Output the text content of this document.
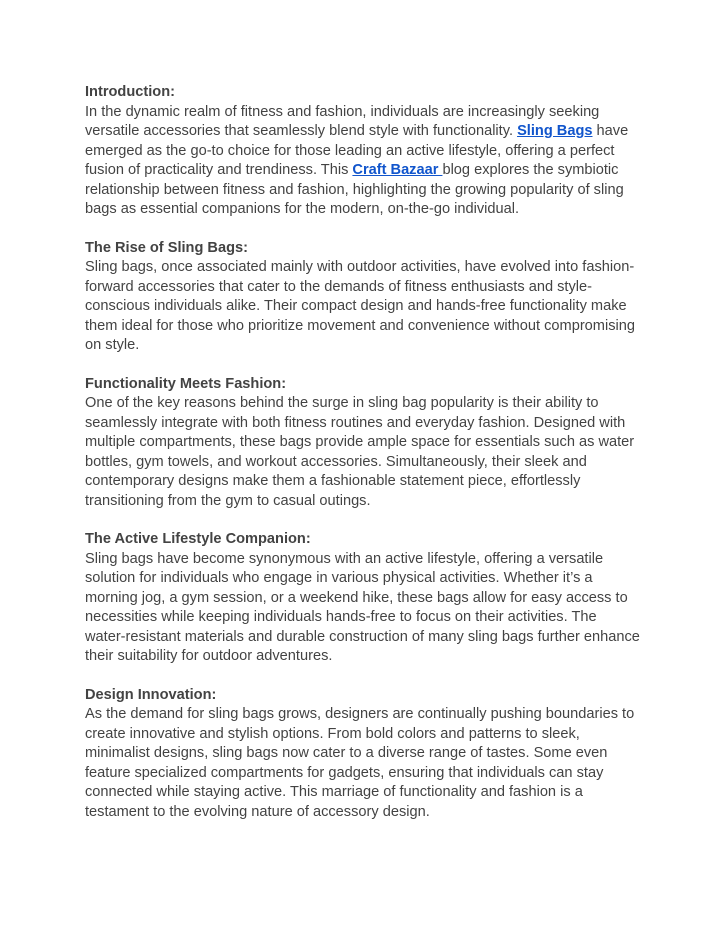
Introduction:

In the dynamic realm of fitness and fashion, individuals are increasingly seeking versatile accessories that seamlessly blend style with functionality. Sling Bags have emerged as the go-to choice for those leading an active lifestyle, offering a perfect fusion of practicality and trendiness. This Craft Bazaar blog explores the symbiotic relationship between fitness and fashion, highlighting the growing popularity of sling bags as essential companions for the modern, on-the-go individual.

The Rise of Sling Bags:

Sling bags, once associated mainly with outdoor activities, have evolved into fashion-forward accessories that cater to the demands of fitness enthusiasts and style-conscious individuals alike. Their compact design and hands-free functionality make them ideal for those who prioritize movement and convenience without compromising on style.

Functionality Meets Fashion:

One of the key reasons behind the surge in sling bag popularity is their ability to seamlessly integrate with both fitness routines and everyday fashion. Designed with multiple compartments, these bags provide ample space for essentials such as water bottles, gym towels, and workout accessories. Simultaneously, their sleek and contemporary designs make them a fashionable statement piece, effortlessly transitioning from the gym to casual outings.

The Active Lifestyle Companion:

Sling bags have become synonymous with an active lifestyle, offering a versatile solution for individuals who engage in various physical activities. Whether it’s a morning jog, a gym session, or a weekend hike, these bags allow for easy access to necessities while keeping individuals hands-free to focus on their activities. The water-resistant materials and durable construction of many sling bags further enhance their suitability for outdoor adventures.

Design Innovation:

As the demand for sling bags grows, designers are continually pushing boundaries to create innovative and stylish options. From bold colors and patterns to sleek, minimalist designs, sling bags now cater to a diverse range of tastes. Some even feature specialized compartments for gadgets, ensuring that individuals can stay connected while staying active. This marriage of functionality and fashion is a testament to the evolving nature of accessory design.
